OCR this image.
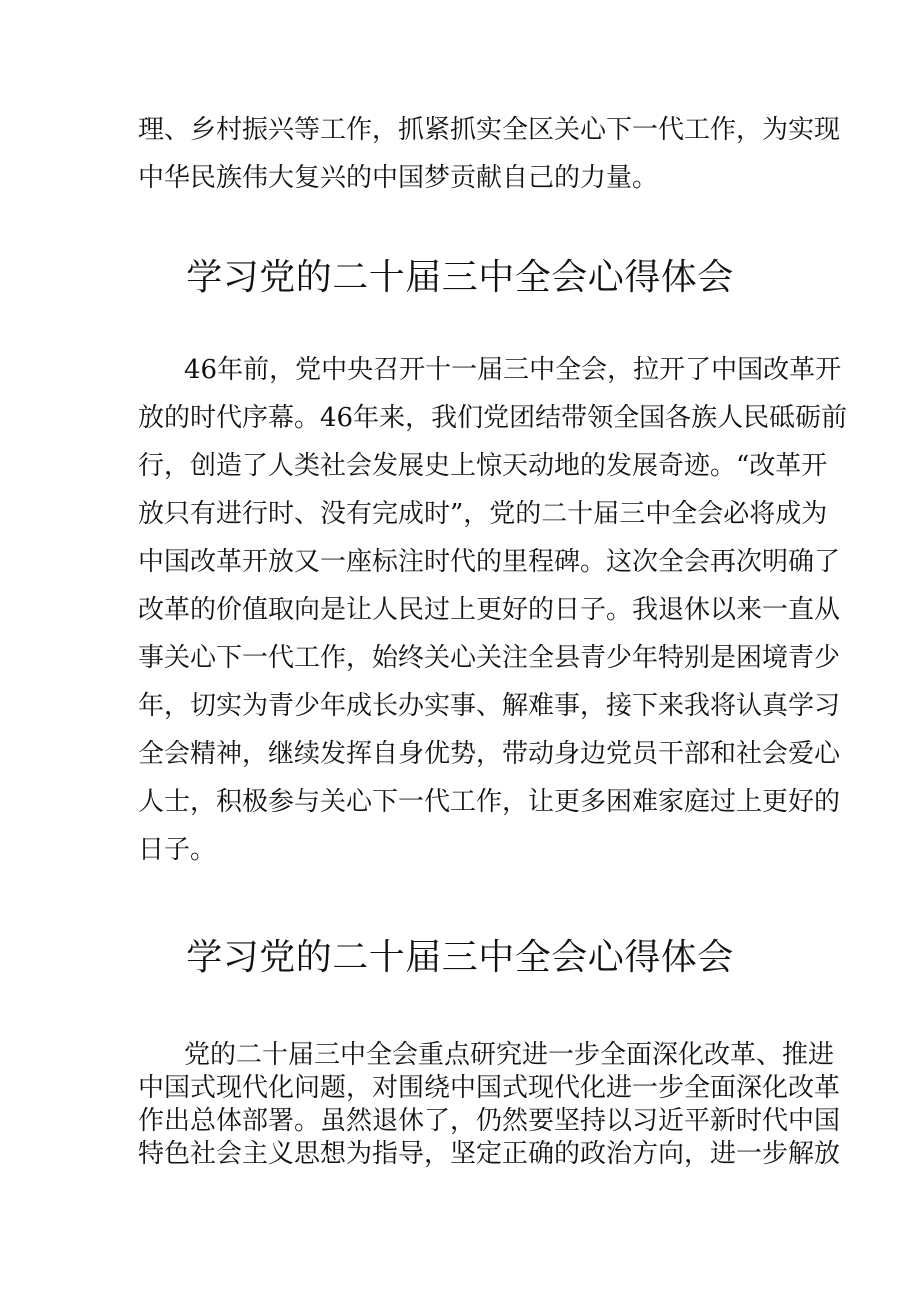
理、乡村振兴等工作，抓紧抓实全区关心下一代工作，为实现
中华民族伟大复兴的中国梦贡献自己的力量。
学习党的二十届三中全会心得体会
46年前，党中央召开十一届三中全会，拉开了中国改革开
放的时代序幕。46年来，我们党团结带领全国各族人民砥砺前
行，创造了人类社会发展史上惊天动地的发展奇迹。“改革开
放只有进行时、没有完成时”，党的二十届三中全会必将成为
中国改革开放又一座标注时代的里程碑。这次全会再次明确了
改革的价值取向是让人民过上更好的日子。我退休以来一直从
事关心下一代工作，始终关心关注全县青少年特别是困境青少
年，切实为青少年成长办实事、解难事，接下来我将认真学习
全会精神，继续发挥自身优势，带动身边党员干部和社会爱心
人士，积极参与关心下一代工作，让更多困难家庭过上更好的
日子。
学习党的二十届三中全会心得体会
党的二十届三中全会重点研究进一步全面深化改革、推进
中国式现代化问题，对围绕中国式现代化进一步全面深化改革
作出总体部署。虽然退休了，仍然要坚持以习近平新时代中国
特色社会主义思想为指导，坚定正确的政治方向，进一步解放
